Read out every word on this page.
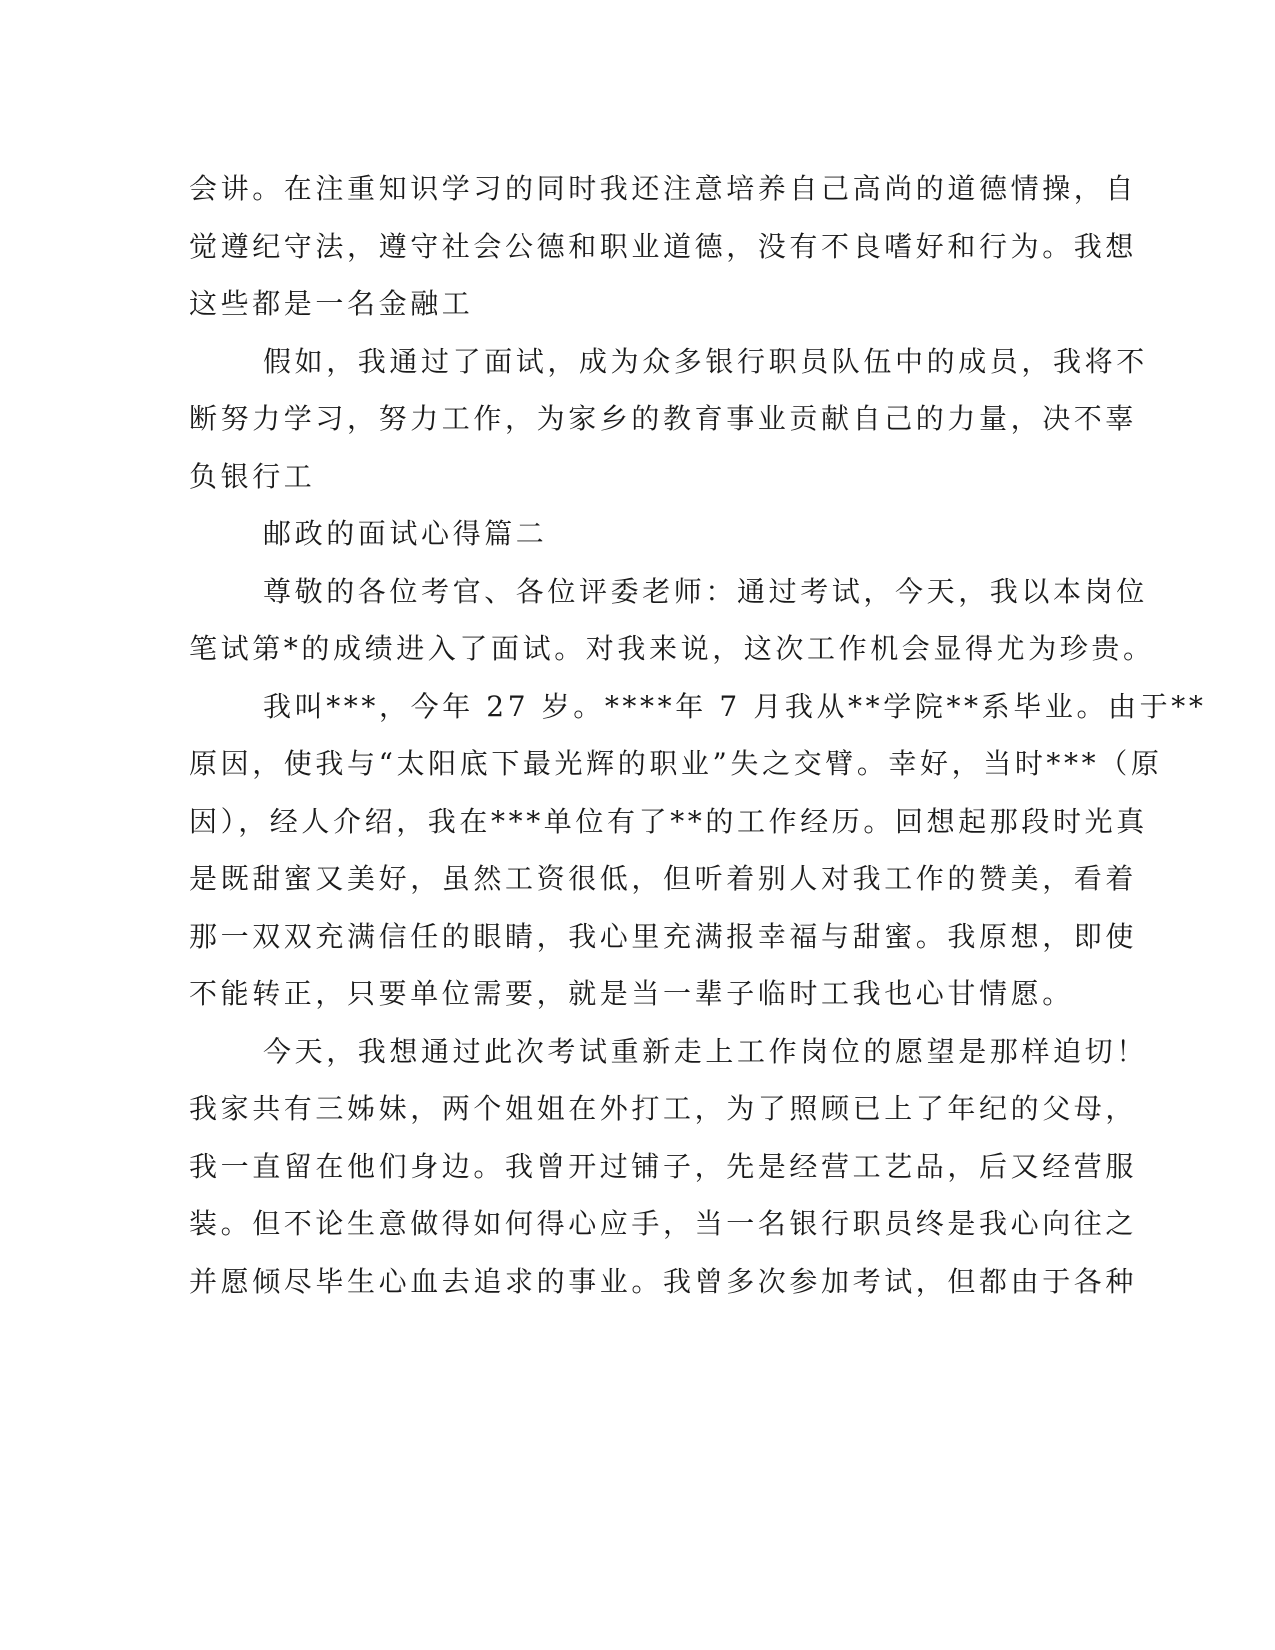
会讲。在注重知识学习的同时我还注意培养自己高尚的道德情操，自
觉遵纪守法，遵守社会公德和职业道德，没有不良嗜好和行为。我想
这些都是一名金融工
假如，我通过了面试，成为众多银行职员队伍中的成员，我将不
断努力学习，努力工作，为家乡的教育事业贡献自己的力量，决不辜
负银行工
邮政的面试心得篇二
尊敬的各位考官、各位评委老师：通过考试，今天，我以本岗位
笔试第*的成绩进入了面试。对我来说，这次工作机会显得尤为珍贵。
我叫***，今年 27 岁。****年 7 月我从**学院**系毕业。由于**
原因，使我与“太阳底下最光辉的职业”失之交臂。幸好，当时***（原
因），经人介绍，我在***单位有了**的工作经历。回想起那段时光真
是既甜蜜又美好，虽然工资很低，但听着别人对我工作的赞美，看着
那一双双充满信任的眼睛，我心里充满报幸福与甜蜜。我原想，即使
不能转正，只要单位需要，就是当一辈子临时工我也心甘情愿。
今天，我想通过此次考试重新走上工作岗位的愿望是那样迫切！
我家共有三姊妹，两个姐姐在外打工，为了照顾已上了年纪的父母，
我一直留在他们身边。我曾开过铺子，先是经营工艺品，后又经营服
装。但不论生意做得如何得心应手，当一名银行职员终是我心向往之
并愿倾尽毕生心血去追求的事业。我曾多次参加考试，但都由于各种
